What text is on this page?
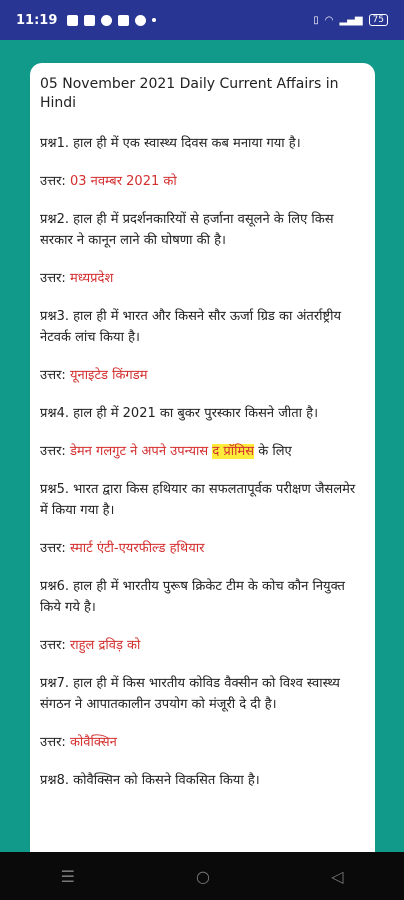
11:19	▯ ◠ ▂▄▆	75
05 November 2021 Daily Current Affairs in Hindi
प्रश्न1. हाल ही में एक स्वास्थ्य दिवस कब मनाया गया है।
उत्तर: 03 नवम्बर 2021 को
प्रश्न2. हाल ही में प्रदर्शनकारियों से हर्जाना वसूलने के लिए किस सरकार ने कानून लाने की घोषणा की है।
उत्तर: मध्यप्रदेश
प्रश्न3. हाल ही में भारत और किसने सौर ऊर्जा ग्रिड का अंतर्राष्ट्रीय नेटवर्क लांच किया है।
उत्तर: यूनाइटेड किंगडम
प्रश्न4. हाल ही में 2021 का बुकर पुरस्कार किसने जीता है।
उत्तर: डेमन गलगुट ने अपने उपन्यास द प्रॉमिस के लिए
प्रश्न5. भारत द्वारा किस हथियार का सफलतापूर्वक परीक्षण जैसलमेर में किया गया है।
उत्तर: स्मार्ट एंटी-एयरफील्ड हथियार
प्रश्न6. हाल ही में भारतीय पुरूष क्रिकेट टीम के कोच कौन नियुक्त किये गये है।
उत्तर: राहुल द्रविड़ को
प्रश्न7. हाल ही में किस भारतीय कोविड वैक्सीन को विश्व स्वास्थ्य संगठन ने आपातकालीन उपयोग को मंजूरी दे दी है।
उत्तर: कोवैक्सिन
प्रश्न8. कोवैक्सिन को किसने विकसित किया है।
☰	○	◁
